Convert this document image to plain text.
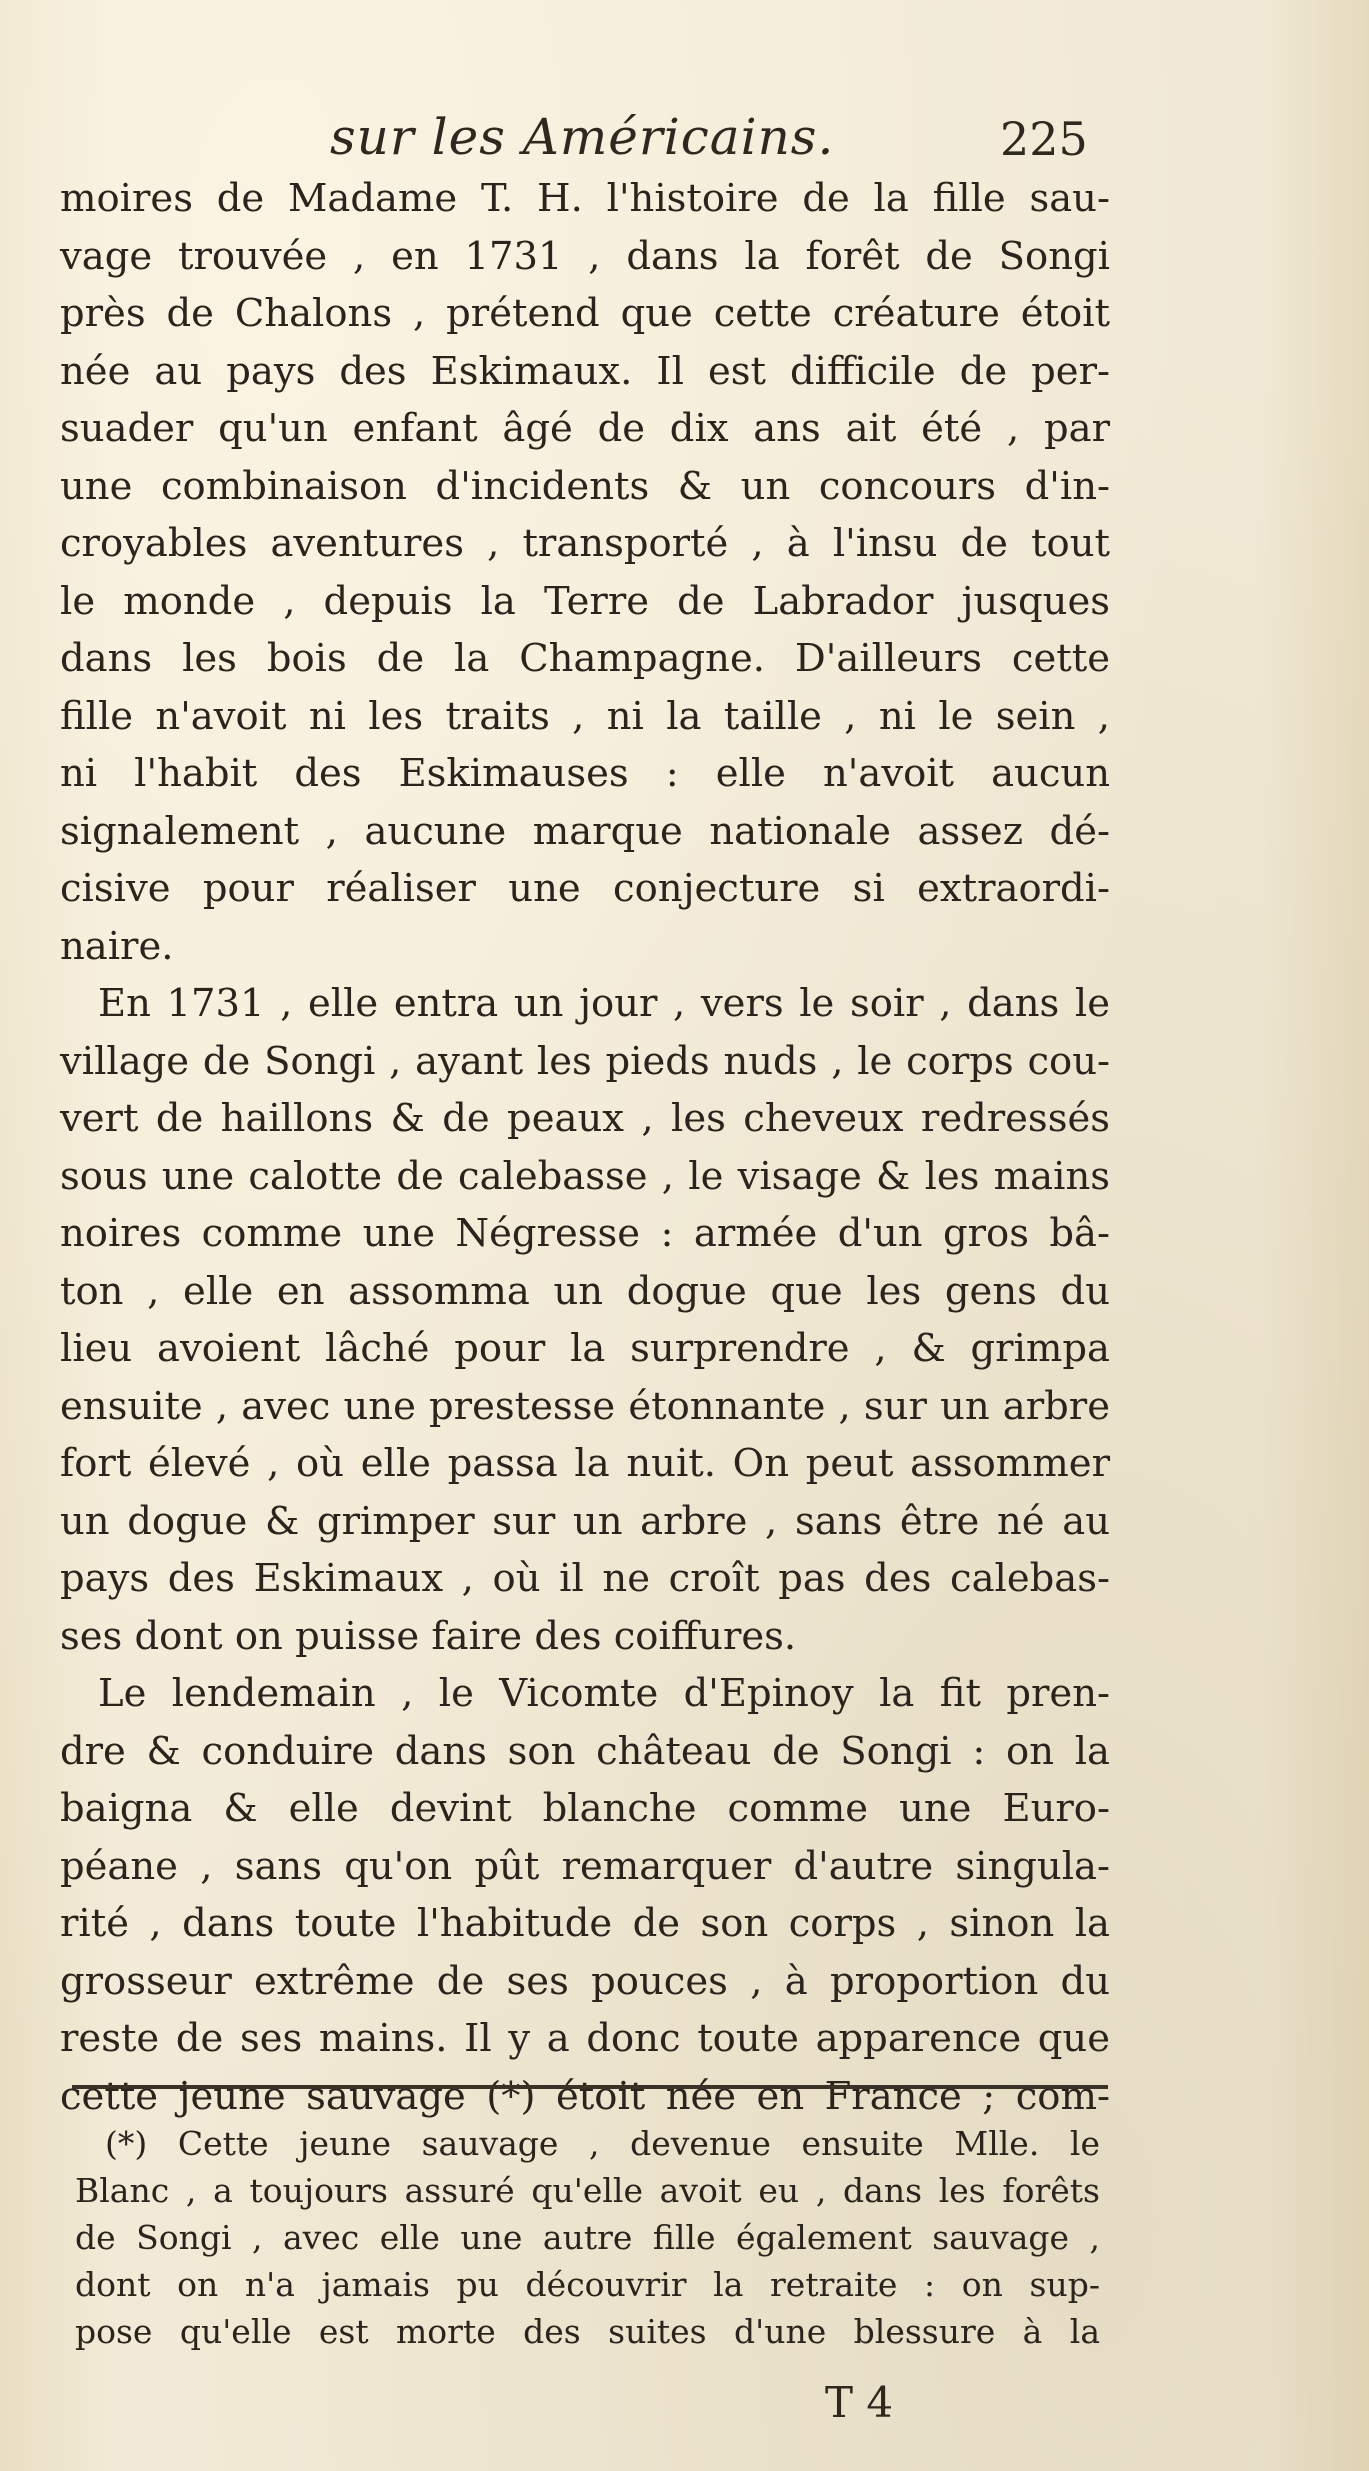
sur les Américains.	225

moires de Madame T. H. l'histoire de la fille sau-
vage trouvée , en 1731 , dans la forêt de Songi
près de Chalons , prétend que cette créature étoit
née au pays des Eskimaux. Il est difficile de per-
suader qu'un enfant âgé de dix ans ait été , par
une combinaison d'incidents & un concours d'in-
croyables aventures , transporté , à l'insu de tout
le monde , depuis la Terre de Labrador jusques
dans les bois de la Champagne. D'ailleurs cette
fille n'avoit ni les traits , ni la taille , ni le sein ,
ni l'habit des Eskimauses : elle n'avoit aucun
signalement , aucune marque nationale assez dé-
cisive pour réaliser une conjecture si extraordi-
naire.

En 1731 , elle entra un jour , vers le soir , dans le
village de Songi , ayant les pieds nuds , le corps cou-
vert de haillons & de peaux , les cheveux redressés
sous une calotte de calebasse , le visage & les mains
noires comme une Négresse : armée d'un gros bâ-
ton , elle en assomma un dogue que les gens du
lieu avoient lâché pour la surprendre , & grimpa
ensuite , avec une prestesse étonnante , sur un arbre
fort élevé , où elle passa la nuit. On peut assommer
un dogue & grimper sur un arbre , sans être né au
pays des Eskimaux , où il ne croît pas des calebas-
ses dont on puisse faire des coiffures.

Le lendemain , le Vicomte d'Epinoy la fit pren-
dre & conduire dans son château de Songi : on la
baigna & elle devint blanche comme une Euro-
péane , sans qu'on pût remarquer d'autre singula-
rité , dans toute l'habitude de son corps , sinon la
grosseur extrême de ses pouces , à proportion du
reste de ses mains. Il y a donc toute apparence que
cette jeune sauvage (*) étoit née en France ; com-

(*) Cette jeune sauvage , devenue ensuite Mlle. le
Blanc , a toujours assuré qu'elle avoit eu , dans les forêts
de Songi , avec elle une autre fille également sauvage ,
dont on n'a jamais pu découvrir la retraite : on sup-
pose qu'elle est morte des suites d'une blessure à la
T 4
